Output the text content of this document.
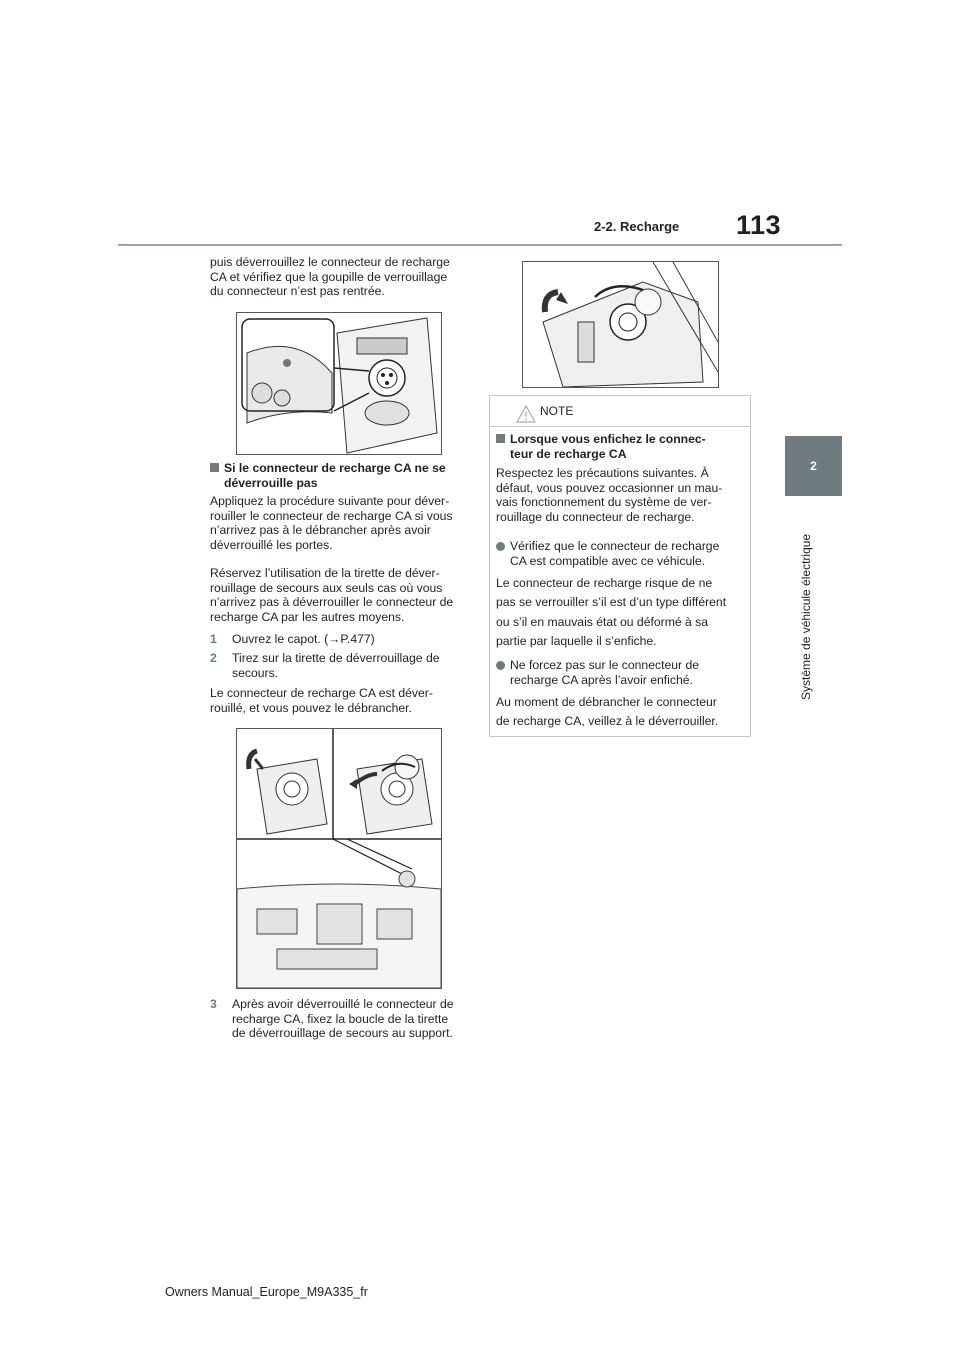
2-2. Recharge 113
2
Système de véhicule électrique
puis déverrouillez le connecteur de recharge
CA et vérifiez que la goupille de verrouillage
du connecteur n’est pas rentrée.
Si le connecteur de recharge CA ne se
déverrouille pas
Appliquez la procédure suivante pour déver-
rouiller le connecteur de recharge CA si vous
n’arrivez pas à le débrancher après avoir
déverrouillé les portes.
Réservez l’utilisation de la tirette de déver-
rouillage de secours aux seuls cas où vous
n’arrivez pas à déverrouiller le connecteur de
recharge CA par les autres moyens.
1 Ouvrez le capot. (→P.477)
2 Tirez sur la tirette de déverrouillage de
secours.
Le connecteur de recharge CA est déver-
rouillé, et vous pouvez le débrancher.
3 Après avoir déverrouillé le connecteur de
recharge CA, fixez la boucle de la tirette
de déverrouillage de secours au support.
NOTE
Lorsque vous enfichez le connec-
teur de recharge CA
Respectez les précautions suivantes. À
défaut, vous pouvez occasionner un mau-
vais fonctionnement du système de ver-
rouillage du connecteur de recharge.
Vérifiez que le connecteur de recharge
CA est compatible avec ce véhicule.
Le connecteur de recharge risque de ne
pas se verrouiller s’il est d’un type différent
ou s’il en mauvais état ou déformé à sa
partie par laquelle il s’enfiche.
Ne forcez pas sur le connecteur de
recharge CA après l’avoir enfiché.
Au moment de débrancher le connecteur
de recharge CA, veillez à le déverrouiller.
Owners Manual_Europe_M9A335_fr
